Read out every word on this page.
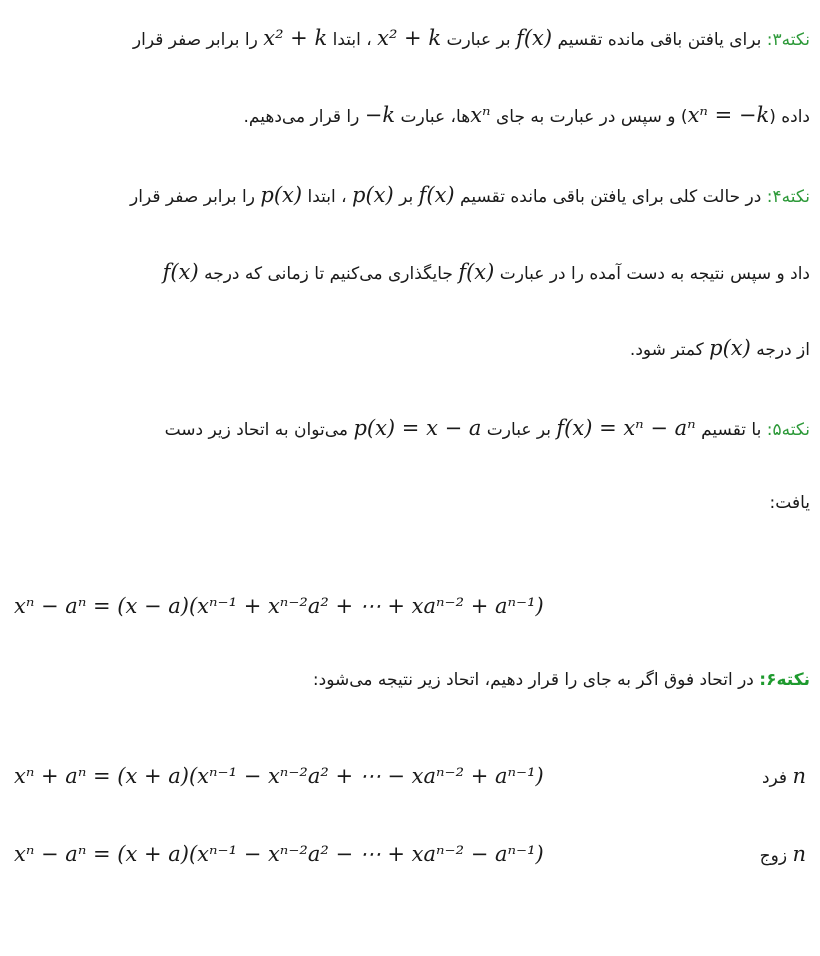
نکته۳: برای یافتن باقی مانده تقسیم f(x) بر عبارت x² + k ، ابتدا x² + k را برابر صفر قرار
داده (xⁿ = −k) و سپس در عبارت به جای xⁿها، عبارت −k را قرار می‌دهیم.
نکته۴: در حالت کلی برای یافتن باقی مانده تقسیم f(x) بر p(x) ، ابتدا p(x) را برابر صفر قرار
داد و سپس نتیجه به دست آمده را در عبارت f(x) جایگذاری می‌کنیم تا زمانی که درجه f(x)
از درجه p(x) کمتر شود.
نکته۵: با تقسیم f(x) = xⁿ − aⁿ بر عبارت p(x) = x − a می‌توان به اتحاد زیر دست
یافت:
xⁿ − aⁿ = (x − a)(xⁿ⁻¹ + xⁿ⁻²a² + ⋯ + xaⁿ⁻² + aⁿ⁻¹)
نکته۶: در اتحاد فوق اگر به جای را قرار دهیم، اتحاد زیر نتیجه می‌شود:
xⁿ + aⁿ = (x + a)(xⁿ⁻¹ − xⁿ⁻²a² + ⋯ − xaⁿ⁻² + aⁿ⁻¹)	n فرد
xⁿ − aⁿ = (x + a)(xⁿ⁻¹ − xⁿ⁻²a² − ⋯ + xaⁿ⁻² − aⁿ⁻¹)	n زوج
